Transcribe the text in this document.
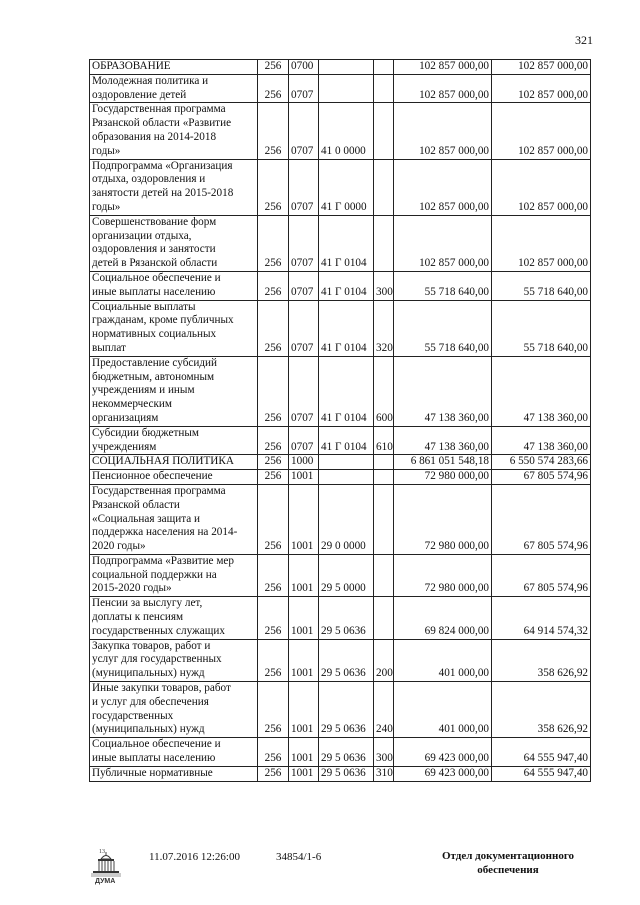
321
ОБРАЗОВАНИЕ	256	0700			102 857 000,00	102 857 000,00
Молодежная политика и
оздоровление детей	256	0707			102 857 000,00	102 857 000,00
Государственная программа
Рязанской области «Развитие
образования на 2014-2018
годы»	256	0707	41 0 0000		102 857 000,00	102 857 000,00
Подпрограмма «Организация
отдыха, оздоровления и
занятости детей на 2015-2018
годы»	256	0707	41 Г 0000		102 857 000,00	102 857 000,00
Совершенствование форм
организации отдыха,
оздоровления и занятости
детей в Рязанской области	256	0707	41 Г 0104		102 857 000,00	102 857 000,00
Социальное обеспечение и
иные выплаты населению	256	0707	41 Г 0104	300	55 718 640,00	55 718 640,00
Социальные выплаты
гражданам, кроме публичных
нормативных социальных
выплат	256	0707	41 Г 0104	320	55 718 640,00	55 718 640,00
Предоставление субсидий
бюджетным, автономным
учреждениям и иным
некоммерческим
организациям	256	0707	41 Г 0104	600	47 138 360,00	47 138 360,00
Субсидии бюджетным
учреждениям	256	0707	41 Г 0104	610	47 138 360,00	47 138 360,00
СОЦИАЛЬНАЯ ПОЛИТИКА	256	1000			6 861 051 548,18	6 550 574 283,66
Пенсионное обеспечение	256	1001			72 980 000,00	67 805 574,96
Государственная программа
Рязанской области
«Социальная защита и
поддержка населения на 2014-
2020 годы»	256	1001	29 0 0000		72 980 000,00	67 805 574,96
Подпрограмма «Развитие мер
социальной поддержки на
2015-2020 годы»	256	1001	29 5 0000		72 980 000,00	67 805 574,96
Пенсии за выслугу лет,
доплаты к пенсиям
государственных служащих	256	1001	29 5 0636		69 824 000,00	64 914 574,32
Закупка товаров, работ и
услуг для государственных
(муниципальных) нужд	256	1001	29 5 0636	200	401 000,00	358 626,92
Иные закупки товаров, работ
и услуг для обеспечения
государственных
(муниципальных) нужд	256	1001	29 5 0636	240	401 000,00	358 626,92
Социальное обеспечение и
иные выплаты населению	256	1001	29 5 0636	300	69 423 000,00	64 555 947,40
Публичные нормативные	256	1001	29 5 0636	310	69 423 000,00	64 555 947,40
13
ДУМА
11.07.2016 12:26:00	34854/1-6	Отдел документационного
обеспечения
